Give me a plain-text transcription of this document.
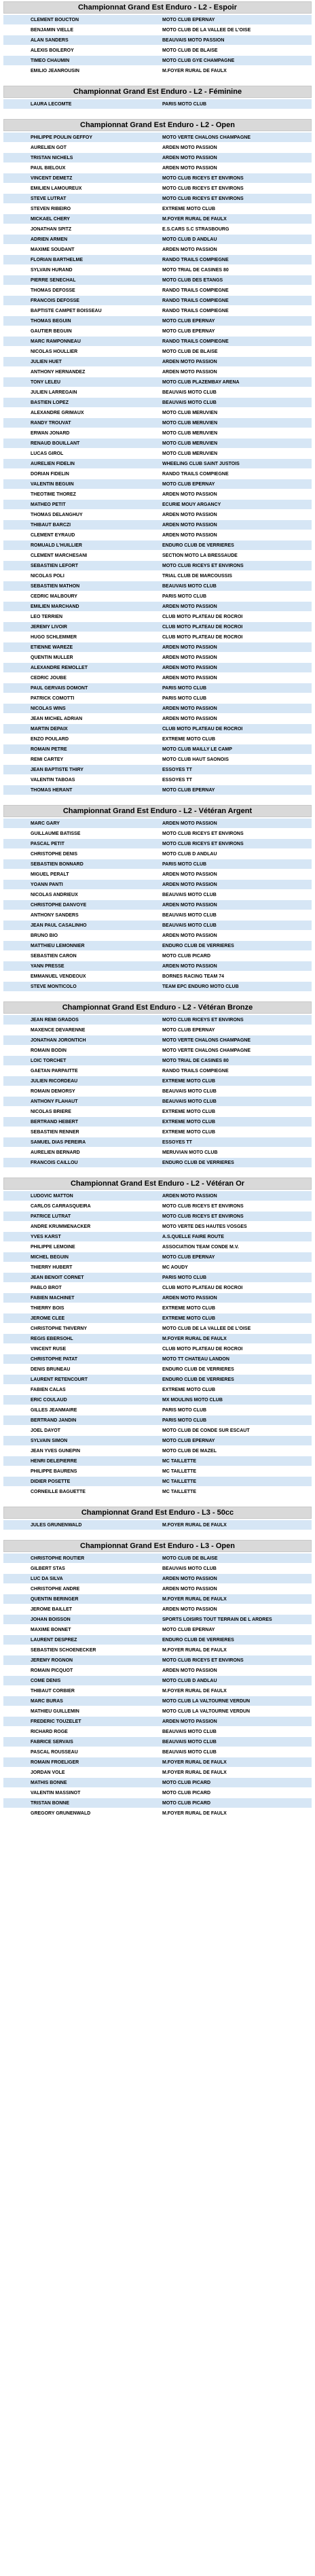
Championnat Grand Est Enduro - L2 - Espoir
	CLEMENT BOUCTON	MOTO CLUB EPERNAY
	BENJAMIN VIELLE	MOTO CLUB DE LA VALLEE DE L'OISE
	ALAN SANDERS	BEAUVAIS MOTO PASSION
	ALEXIS BOILEROY	MOTO CLUB DE BLAISE
	TIMEO CHAUMIN	MOTO CLUB GYE CHAMPAGNE
	EMILIO JEANROUSIN	M.FOYER RURAL DE FAULX
Championnat Grand Est Enduro - L2 - Féminine
	LAURA LECOMTE	PARIS MOTO CLUB
Championnat Grand Est Enduro - L2 - Open
	PHILIPPE POULIN GEFFOY	MOTO VERTE CHALONS CHAMPAGNE
	AURELIEN GOT	ARDEN MOTO PASSION
	TRISTAN NICHELS	ARDEN MOTO PASSION
	PAUL BIELOUX	ARDEN MOTO PASSION
	VINCENT DEMETZ	MOTO CLUB RICEYS ET ENVIRONS
	EMILIEN LAMOUREUX	MOTO CLUB RICEYS ET ENVIRONS
	STEVE LUTRAT	MOTO CLUB RICEYS ET ENVIRONS
	STEVEN RIBEIRO	EXTREME MOTO CLUB
	MICKAEL CHERY	M.FOYER RURAL DE FAULX
	JONATHAN SPITZ	E.S.CARS S.C STRASBOURG
	ADRIEN ARMEN	MOTO CLUB D ANDLAU
	MAXIME SOUDANT	ARDEN MOTO PASSION
	FLORIAN BARTHELME	RANDO TRAILS COMPIEGNE
	SYLVAIN HURAND	MOTO TRIAL DE CASINES 80
	PIERRE SENECHAL	MOTO CLUB DES ETANGS
	THOMAS DEFOSSE	RANDO TRAILS COMPIEGNE
	FRANCOIS DEFOSSE	RANDO TRAILS COMPIEGNE
	BAPTISTE CAMPET BOISSEAU	RANDO TRAILS COMPIEGNE
	THOMAS BEGUIN	MOTO CLUB EPERNAY
	GAUTIER BEGUIN	MOTO CLUB EPERNAY
	MARC RAMPONNEAU	RANDO TRAILS COMPIEGNE
	NICOLAS HOULLIER	MOTO CLUB DE BLAISE
	JULIEN HUET	ARDEN MOTO PASSION
	ANTHONY HERNANDEZ	ARDEN MOTO PASSION
	TONY LELEU	MOTO CLUB PLAZEMBAY ARENA
	JULIEN LARREGAIN	BEAUVAIS MOTO CLUB
	BASTIEN LOPEZ	BEAUVAIS MOTO CLUB
	ALEXANDRE GRIMAUX	MOTO CLUB MERUVIEN
	RANDY TROUVAT	MOTO CLUB MERUVIEN
	ERWAN JONARD	MOTO CLUB MERUVIEN
	RENAUD BOUILLANT	MOTO CLUB MERUVIEN
	LUCAS GIROL	MOTO CLUB MERUVIEN
	AURELIEN FIDELIN	WHEELING CLUB SAINT JUSTOIS
	DORIAN FIDELIN	RANDO TRAILS COMPIEGNE
	VALENTIN BEGUIN	MOTO CLUB EPERNAY
	THEOTIME THOREZ	ARDEN MOTO PASSION
	MATHEO PETIT	ECURIE MOUY ARGANCY
	THOMAS DELANGHUY	ARDEN MOTO PASSION
	THIBAUT BARCZI	ARDEN MOTO PASSION
	CLEMENT EYRAUD	ARDEN MOTO PASSION
	ROMUALD L'HUILLIER	ENDURO CLUB DE VERRIERES
	CLEMENT MARCHESANI	SECTION MOTO LA BRESSAUDE
	SEBASTIEN LEFORT	MOTO CLUB RICEYS ET ENVIRONS
	NICOLAS POLI	TRIAL CLUB DE MARCOUSSIS
	SEBASTIEN MATHON	BEAUVAIS MOTO CLUB
	CEDRIC MALBOURY	PARIS MOTO CLUB
	EMILIEN MARCHAND	ARDEN MOTO PASSION
	LEO TERRIEN	CLUB MOTO PLATEAU DE ROCROI
	JEREMY LIVOIR	CLUB MOTO PLATEAU DE ROCROI
	HUGO SCHLEMMER	CLUB MOTO PLATEAU DE ROCROI
	ETIENNE WAREZE	ARDEN MOTO PASSION
	QUENTIN MULLER	ARDEN MOTO PASSION
	ALEXANDRE REMOLLET	ARDEN MOTO PASSION
	CEDRIC JOUBE	ARDEN MOTO PASSION
	PAUL GERVAIS DOMONT	PARIS MOTO CLUB
	PATRICK COMOTTI	PARIS MOTO CLUB
	NICOLAS WINS	ARDEN MOTO PASSION
	JEAN MICHEL ADRIAN	ARDEN MOTO PASSION
	MARTIN DEPAIX	CLUB MOTO PLATEAU DE ROCROI
	ENZO POULARD	EXTREME MOTO CLUB
	ROMAIN PETRE	MOTO CLUB MAILLY LE CAMP
	REMI CARTEY	MOTO CLUB HAUT SAONOIS
	JEAN BAPTISTE THIRY	ESSOYES TT
	VALENTIN TABOAS	ESSOYES TT
	THOMAS HERANT	MOTO CLUB EPERNAY
Championnat Grand Est Enduro - L2 - Vétéran Argent
	MARC GARY	ARDEN MOTO PASSION
	GUILLAUME BATISSE	MOTO CLUB RICEYS ET ENVIRONS
	PASCAL PETIT	MOTO CLUB RICEYS ET ENVIRONS
	CHRISTOPHE DENIS	MOTO CLUB D ANDLAU
	SEBASTIEN BONNARD	PARIS MOTO CLUB
	MIGUEL PERALT	ARDEN MOTO PASSION
	YOANN PANTI	ARDEN MOTO PASSION
	NICOLAS ANDRIEUX	BEAUVAIS MOTO CLUB
	CHRISTOPHE DANVOYE	ARDEN MOTO PASSION
	ANTHONY SANDERS	BEAUVAIS MOTO CLUB
	JEAN PAUL CASALINHO	BEAUVAIS MOTO CLUB
	BRUNO BIO	ARDEN MOTO PASSION
	MATTHIEU LEMONNIER	ENDURO CLUB DE VERRIERES
	SEBASTIEN CARON	MOTO CLUB PICARD
	YANN PRESSE	ARDEN MOTO PASSION
	EMMANUEL VENDEOUX	BORNES RACING TEAM 74
	STEVE MONTICOLO	TEAM EPC ENDURO MOTO CLUB
Championnat Grand Est Enduro - L2 - Vétéran Bronze
	JEAN REMI GRADOS	MOTO CLUB RICEYS ET ENVIRONS
	MAXENCE DEVARENNE	MOTO CLUB EPERNAY
	JONATHAN JORONTICH	MOTO VERTE CHALONS CHAMPAGNE
	ROMAIN BODIN	MOTO VERTE CHALONS CHAMPAGNE
	LOIC TORCHET	MOTO TRIAL DE CASINES 80
	GAETAN PARPAITTE	RANDO TRAILS COMPIEGNE
	JULIEN RICORDEAU	EXTREME MOTO CLUB
	ROMAIN DEMORSY	BEAUVAIS MOTO CLUB
	ANTHONY FLAHAUT	BEAUVAIS MOTO CLUB
	NICOLAS BRIERE	EXTREME MOTO CLUB
	BERTRAND HEBERT	EXTREME MOTO CLUB
	SEBASTIEN RENNER	EXTREME MOTO CLUB
	SAMUEL DIAS PEREIRA	ESSOYES TT
	AURELIEN BERNARD	MERUVIAN MOTO CLUB
	FRANCOIS CAILLOU	ENDURO CLUB DE VERRIERES
Championnat Grand Est Enduro - L2 - Vétéran Or
	LUDOVIC MATTON	ARDEN MOTO PASSION
	CARLOS CARRASQUEIRA	MOTO CLUB RICEYS ET ENVIRONS
	PATRICE LUTRAT	MOTO CLUB RICEYS ET ENVIRONS
	ANDRE KRUMMENACKER	MOTO VERTE DES HAUTES VOSGES
	YVES KARST	A.S.QUELLE FAIRE ROUTE
	PHILIPPE LEMOINE	ASSOCIATION TEAM CONDE M.V.
	MICHEL BEGUIN	MOTO CLUB EPERNAY
	THIERRY HUBERT	MC AOUDY
	JEAN BENOIT CORNET	PARIS MOTO CLUB
	PABLO BROT	CLUB MOTO PLATEAU DE ROCROI
	FABIEN MACHINET	ARDEN MOTO PASSION
	THIERRY BOIS	EXTREME MOTO CLUB
	JEROME CLEE	EXTREME MOTO CLUB
	CHRISTOPHE THIVERNY	MOTO CLUB DE LA VALLEE DE L'OISE
	REGIS EBERSOHL	M.FOYER RURAL DE FAULX
	VINCENT RUSE	CLUB MOTO PLATEAU DE ROCROI
	CHRISTOPHE PATAT	MOTO TT CHATEAU LANDON
	DENIS BRUNEAU	ENDURO CLUB DE VERRIERES
	LAURENT RETENCOURT	ENDURO CLUB DE VERRIERES
	FABIEN CALAS	EXTREME MOTO CLUB
	ERIC COULAUD	MX MOULINS MOTO CLUB
	GILLES JEANMAIRE	PARIS MOTO CLUB
	BERTRAND JANDIN	PARIS MOTO CLUB
	JOEL DAYOT	MOTO CLUB DE CONDE SUR ESCAUT
	SYLVAIN SIMON	MOTO CLUB EPERNAY
	JEAN YVES GUNEPIN	MOTO CLUB DE MAZEL
	HENRI DELEPIERRE	MC TAILLETTE
	PHILIPPE BAURENS	MC TAILLETTE
	DIDIER POSETTE	MC TAILLETTE
	CORNEILLE BAGUETTE	MC TAILLETTE
Championnat Grand Est Enduro - L3 - 50cc
	JULES GRUNENWALD	M.FOYER RURAL DE FAULX
Championnat Grand Est Enduro - L3 - Open
	CHRISTOPHE ROUTIER	MOTO CLUB DE BLAISE
	GILBERT STAS	BEAUVAIS MOTO CLUB
	LUC DA SILVA	ARDEN MOTO PASSION
	CHRISTOPHE ANDRE	ARDEN MOTO PASSION
	QUENTIN BERINGER	M.FOYER RURAL DE FAULX
	JEROME BAILLET	ARDEN MOTO PASSION
	JOHAN BOISSON	SPORTS LOISIRS TOUT TERRAIN DE L ARDRES
	MAXIME BONNET	MOTO CLUB EPERNAY
	LAURENT DESPREZ	ENDURO CLUB DE VERRIERES
	SEBASTIEN SCHOENECKER	M.FOYER RURAL DE FAULX
	JEREMY ROGNON	MOTO CLUB RICEYS ET ENVIRONS
	ROMAIN PICQUOT	ARDEN MOTO PASSION
	COME DENIS	MOTO CLUB D ANDLAU
	THIBAUT CORBIER	M.FOYER RURAL DE FAULX
	MARC BURAS	MOTO CLUB LA VALTOURNE VERDUN
	MATHIEU GUILLEMIN	MOTO CLUB LA VALTOURNE VERDUN
	FREDERIC TOUZELET	ARDEN MOTO PASSION
	RICHARD ROGE	BEAUVAIS MOTO CLUB
	FABRICE SERVAIS	BEAUVAIS MOTO CLUB
	PASCAL ROUSSEAU	BEAUVAIS MOTO CLUB
	ROMAIN FROELIGER	M.FOYER RURAL DE FAULX
	JORDAN VOLE	M.FOYER RURAL DE FAULX
	MATHIS BONNE	MOTO CLUB PICARD
	VALENTIN MASSINOT	MOTO CLUB PICARD
	TRISTAN BONNE	MOTO CLUB PICARD
	GREGORY GRUNENWALD	M.FOYER RURAL DE FAULX
